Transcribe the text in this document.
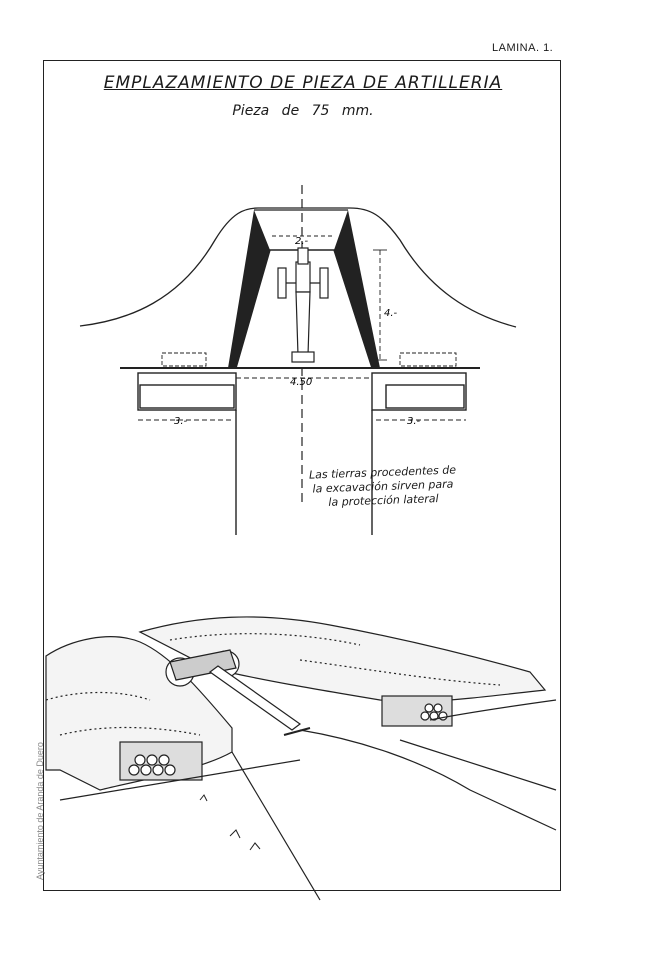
LAMINA. 1.
EMPLAZAMIENTO DE PIEZA DE ARTILLERIA
Pieza de 75 mm.
2.-
4.-
4.50
3.-	3.-
Las tierras procedentes de
la excavación sirven para
la protección lateral
Ayuntamiento de Aranda de Duero
